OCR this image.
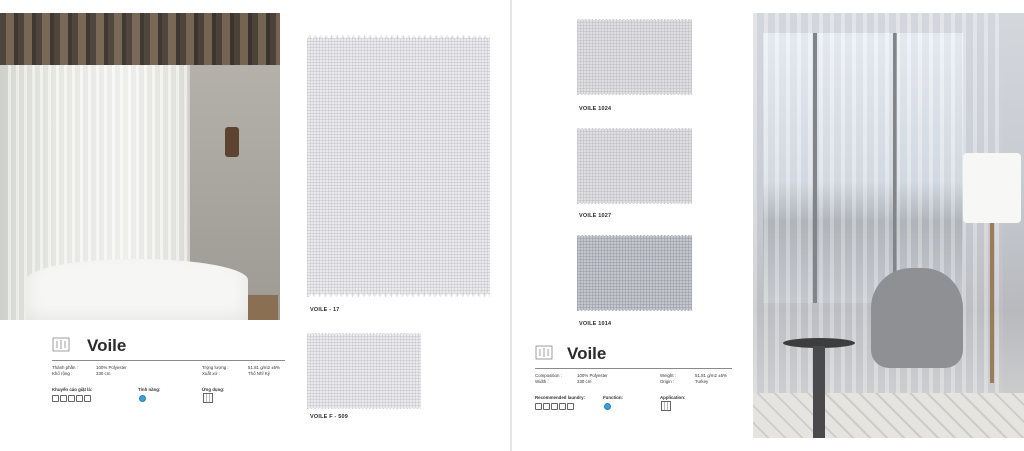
VOILE - 17
VOILE F - 509
Voile
Thành phần :	100% Polyester
Khổ rộng :	330 cm
Trọng lượng :	51.81 g/m2 ±5%
Xuất xứ :	Thổ Nhĩ Kỳ
Khuyến cáo giặt là:	Tính năng:	Ứng dụng:
VOILE 1024
VOILE 1027
VOILE 1014
Voile
Composition :	100% Polyester
Width :	330 cm
Weight :	51.81 g/m2 ±5%
Origin :	Turkey
Recommended laundry:	Function:	Application:
